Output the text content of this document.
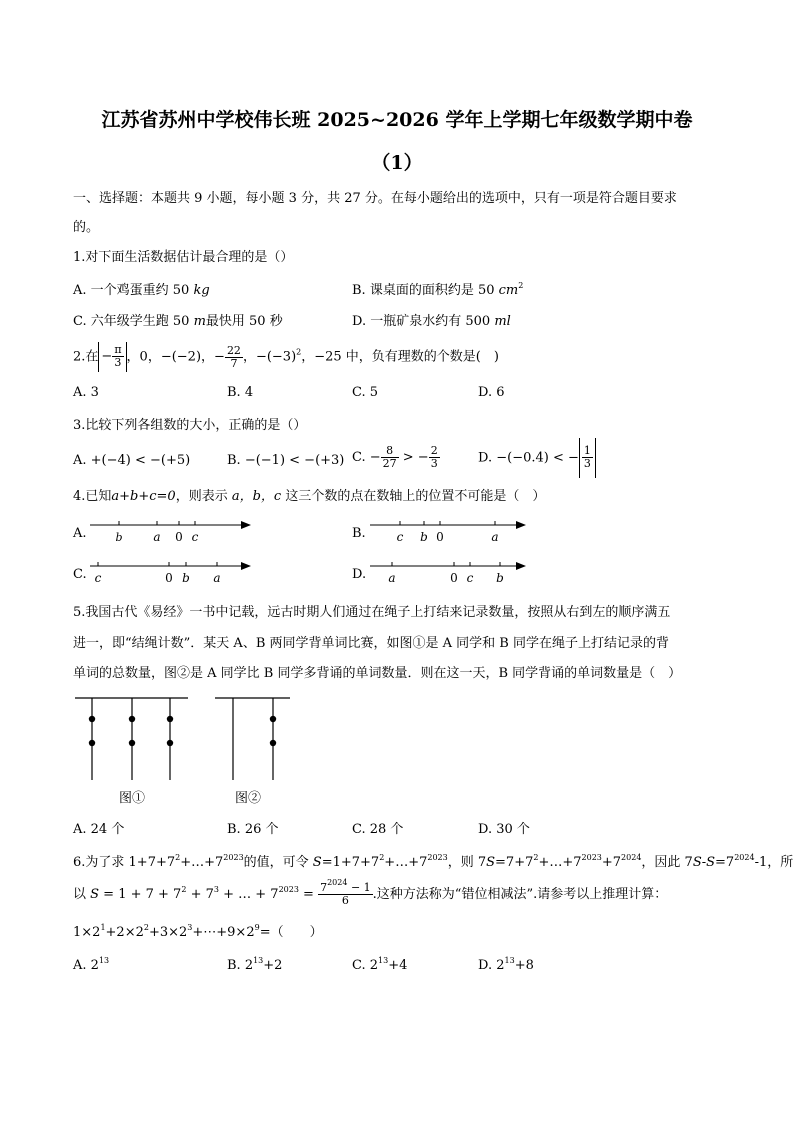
江苏省苏州中学校伟长班 2025~2026 学年上学期七年级数学期中卷
（1）
一、选择题：本题共 9 小题，每小题 3 分，共 27 分。在每小题给出的选项中，只有一项是符合题目要求
的。
1.对下面生活数据估计最合理的是（）
A. 一个鸡蛋重约 50 kg	B. 课桌面的面积约是 50 $cm^2$
C. 六年级学生跑 50 m最快用 50 秒	D. 一瓶矿泉水约有 500 ml
2.在 − $\frac{\pi}{3}$ ，0，−(−2)，− $\frac{22}{7}$ ，$-(-3)^2$，−25 中，负有理数的个数是(　)
A. 3	B. 4	C. 5	D. 6
3.比较下列各组数的大小，正确的是（）
A. +(−4) < −(+5)	B. −(−1) < −(+3) C. − $\frac{8}{27}$ > − $\frac{2}{3}$	D. −(−0.4) < − $\frac{1}{3}$
4.已知a+b+c=0，则表示 a，b，c 这三个数的点在数轴上的位置不可能是（　）
A.	b	a 0 c	B.	c b 0	a
C. c	0 b a	D. a	0 c b
5.我国古代《易经》一书中记载，远古时期人们通过在绳子上打结来记录数量，按照从右到左的顺序满五
进一，即“结绳计数”．某天 A、B 两同学背单词比赛，如图①是 A 同学和 B 同学在绳子上打结记录的背
单词的总数量，图②是 A 同学比 B 同学多背诵的单词数量．则在这一天，B 同学背诵的单词数量是（　）
图①	图②
A. 24 个	B. 26 个	C. 28 个	D. 30 个
6.为了求 $1+7+7^2+\dots+7^{2023}$的值，可令 $S=1+7+7^2+\dots+7^{2023}$，则 $7S=7+7^2+\dots+7^{2023}+7^{2024}$，因此 $7S-S=7^{2024}-1$，所
以 $S = 1 + 7 + 7^2 + 7^3$ + … + $7^{2023} = \frac{7^{2024} - 1}{6}$ .这种方法称为“错位相减法”.请参考以上推理计算：
$1\times 2^1+2\times 2^2+3\times 2^3+\cdots+9\times 2^9=$（　　）
A. $2^{13}$	B. $2^{13}+2$	C. $2^{13}+4$	D. $2^{13}+8$
